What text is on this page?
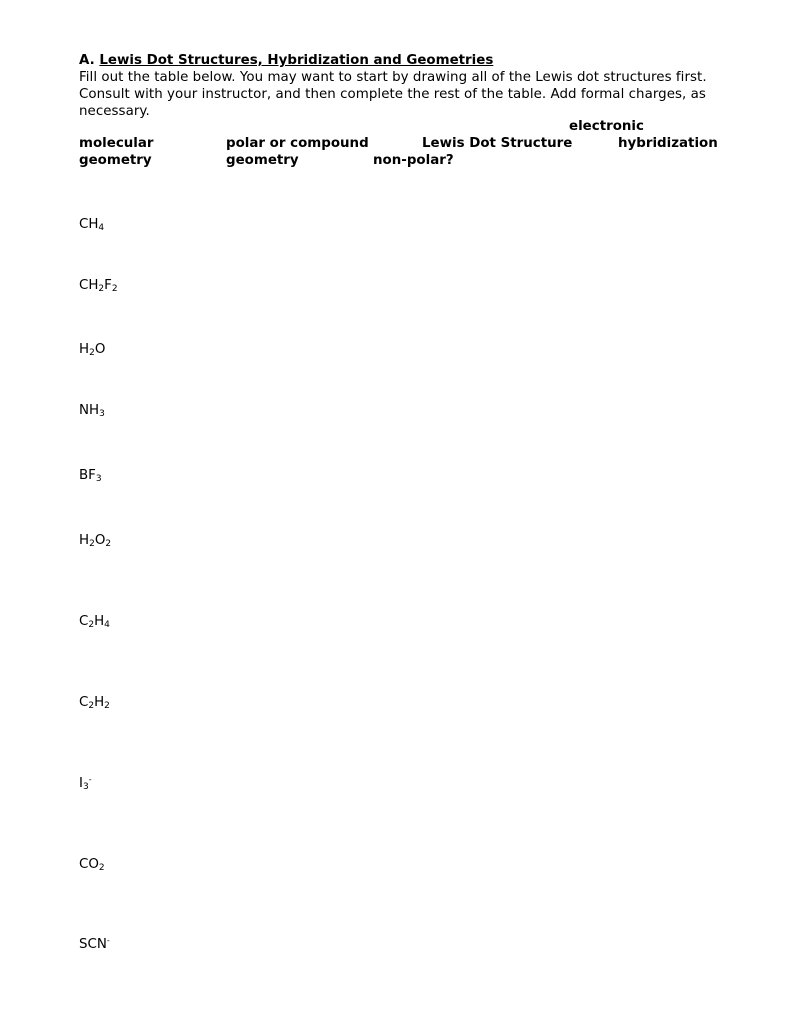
A. Lewis Dot Structures, Hybridization and Geometries
Fill out the table below. You may want to start by drawing all of the Lewis dot structures first.
Consult with your instructor, and then complete the rest of the table. Add formal charges, as
necessary.
electronic
molecular	polar or compound	Lewis Dot Structure	hybridization
geometry	geometry	non-polar?
$CH_4$
$CH_2F_2$
$H_2O$
$NH_3$
$BF_3$
$H_2O_2$
$C_2H_4$
$C_2H_2$
$I_3^-$
$CO_2$
SCN-
